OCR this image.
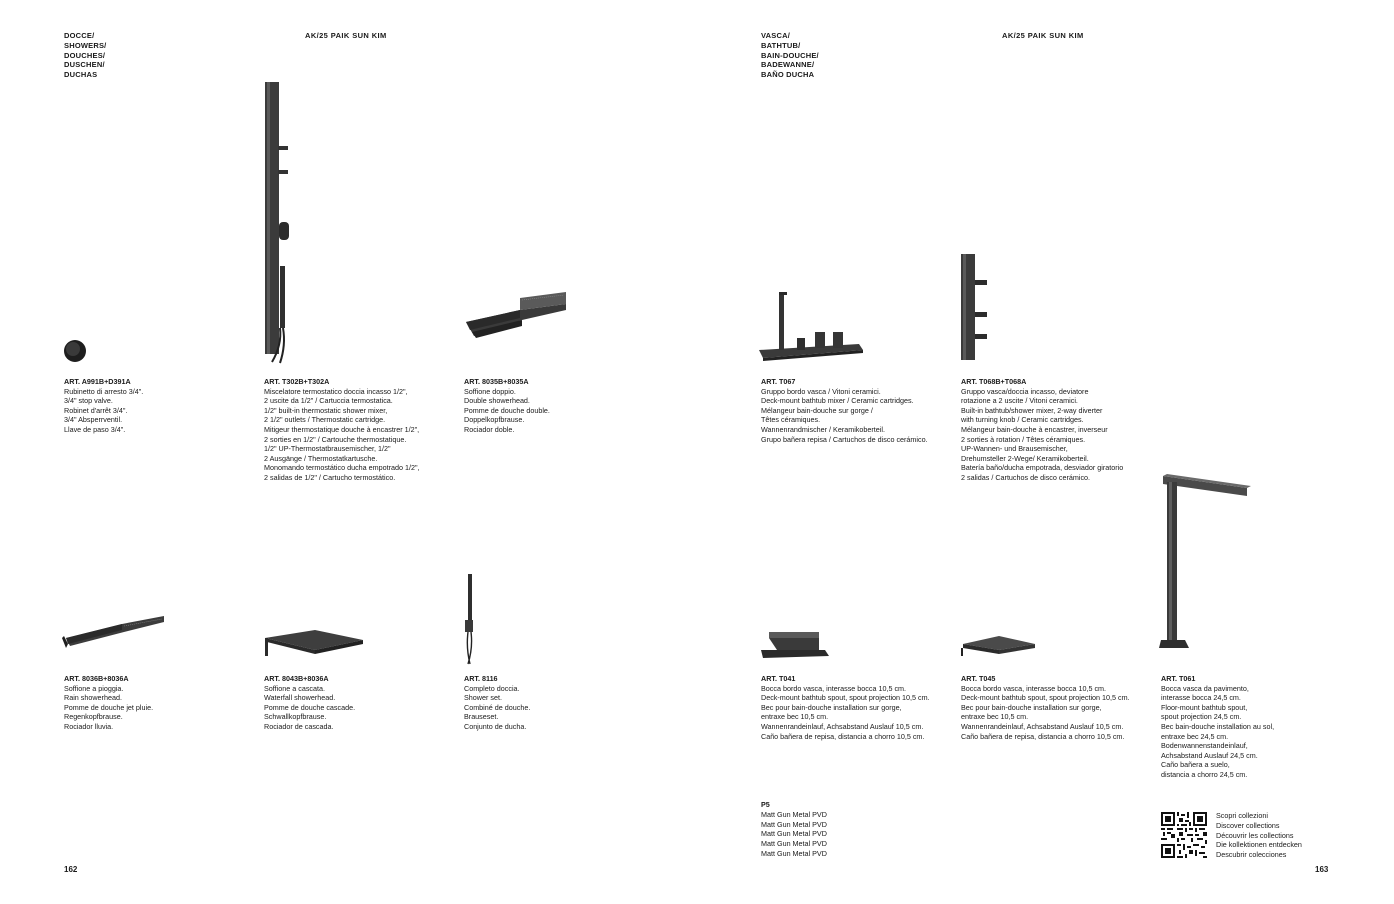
DOCCE/
SHOWERS/
DOUCHES/
DUSCHEN/
DUCHAS
AK/25 PAIK SUN KIM
ART. A991B+D391A
Rubinetto di arresto 3/4".
3/4" stop valve.
Robinet d'arrêt 3/4".
3/4" Absperrventil.
Llave de paso 3/4".
ART. T302B+T302A
Miscelatore termostatico doccia incasso 1/2",
2 uscite da 1/2" / Cartuccia termostatica.
1/2" built-in thermostatic shower mixer,
2 1/2" outlets / Thermostatic cartridge.
Mitigeur thermostatique douche à encastrer 1/2",
2 sorties en 1/2" / Cartouche thermostatique.
1/2" UP-Thermostatbrausemischer, 1/2"
2 Ausgänge / Thermostatkartusche.
Monomando termostático ducha empotrado 1/2",
2 salidas de 1/2" / Cartucho termostático.
ART. 8035B+8035A
Soffione doppio.
Double showerhead.
Pomme de douche double.
Doppelkopfbrause.
Rociador doble.
ART. 8036B+8036A
Soffione a pioggia.
Rain showerhead.
Pomme de douche jet pluie.
Regenkopfbrause.
Rociador lluvia.
ART. 8043B+8036A
Soffione a cascata.
Waterfall showerhead.
Pomme de douche cascade.
Schwallkopfbrause.
Rociador de cascada.
ART. 8116
Completo doccia.
Shower set.
Combiné de douche.
Brauseset.
Conjunto de ducha.
162
VASCA/
BATHTUB/
BAIN-DOUCHE/
BADEWANNE/
BAÑO DUCHA
AK/25 PAIK SUN KIM
ART. T067
Gruppo bordo vasca / Vitoni ceramici.
Deck-mount bathtub mixer / Ceramic cartridges.
Mélangeur bain-douche sur gorge /
Têtes céramiques.
Wannenrandmischer / Keramikoberteil.
Grupo bañera repisa / Cartuchos de disco cerámico.
ART. T068B+T068A
Gruppo vasca/doccia incasso, deviatore
rotazione a 2 uscite / Vitoni ceramici.
Built-in bathtub/shower mixer, 2-way diverter
with turning knob / Ceramic cartridges.
Mélangeur bain-douche à encastrer, inverseur
2 sorties à rotation / Têtes céramiques.
UP-Wannen- und Brausemischer,
Drehumsteller 2-Wege/ Keramikoberteil.
Batería baño/ducha empotrada, desviador giratorio
2 salidas / Cartuchos de disco cerámico.
ART. T041
Bocca bordo vasca, interasse bocca 10,5 cm.
Deck-mount bathtub spout, spout projection 10,5 cm.
Bec pour bain-douche installation sur gorge,
entraxe bec 10,5 cm.
Wannenrandeinlauf, Achsabstand Auslauf 10,5 cm.
Caño bañera de repisa, distancia a chorro 10,5 cm.
ART. T045
Bocca bordo vasca, interasse bocca 10,5 cm.
Deck-mount bathtub spout, spout projection 10,5 cm.
Bec pour bain-douche installation sur gorge,
entraxe bec 10,5 cm.
Wannenrandeinlauf, Achsabstand Auslauf 10,5 cm.
Caño bañera de repisa, distancia a chorro 10,5 cm.
ART. T061
Bocca vasca da pavimento,
interasse bocca 24,5 cm.
Floor-mount bathtub spout,
spout projection 24,5 cm.
Bec bain-douche installation au sol,
entraxe bec 24,5 cm.
Bodenwannenstandeinlauf,
Achsabstand Auslauf 24,5 cm.
Caño bañera a suelo,
distancia a chorro 24,5 cm.
P5
Matt Gun Metal PVD
Matt Gun Metal PVD
Matt Gun Metal PVD
Matt Gun Metal PVD
Matt Gun Metal PVD
Scopri collezioni
Discover collections
Découvrir les collections
Die kollektionen entdecken
Descubrir colecciones
163
